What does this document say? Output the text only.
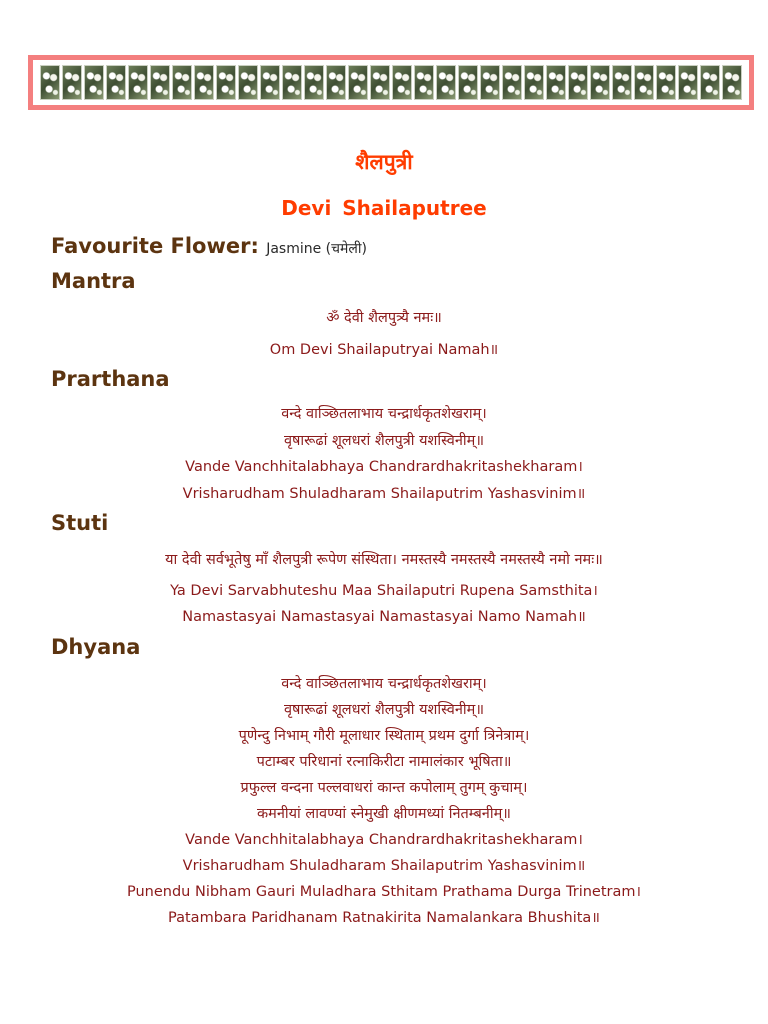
शैलपुत्री
Devi Shailaputree
Favourite Flower: Jasmine (चमेली)
Mantra
ॐ देवी शैलपुत्र्यै नमः॥
Om Devi Shailaputryai Namah॥
Prarthana
वन्दे वाञ्छितलाभाय चन्द्रार्धकृतशेखराम्।
वृषारूढां शूलधरां शैलपुत्री यशस्विनीम्॥
Vande Vanchhitalabhaya Chandrardhakritashekharam।
Vrisharudham Shuladharam Shailaputrim Yashasvinim॥
Stuti
या देवी सर्वभूतेषु माँ शैलपुत्री रूपेण संस्थिता। नमस्तस्यै नमस्तस्यै नमस्तस्यै नमो नमः॥
Ya Devi Sarvabhuteshu Maa Shailaputri Rupena Samsthita।
Namastasyai Namastasyai Namastasyai Namo Namah॥
Dhyana
वन्दे वाञ्छितलाभाय चन्द्रार्धकृतशेखराम्।
वृषारूढां शूलधरां शैलपुत्री यशस्विनीम्॥
पूणेन्दु निभाम् गौरी मूलाधार स्थिताम् प्रथम दुर्गा त्रिनेत्राम्।
पटाम्बर परिधानां रत्नाकिरीटा नामालंकार भूषिता॥
प्रफुल्ल वन्दना पल्लवाधरां कान्त कपोलाम् तुगम् कुचाम्।
कमनीयां लावण्यां स्नेमुखी क्षीणमध्यां नितम्बनीम्॥
Vande Vanchhitalabhaya Chandrardhakritashekharam।
Vrisharudham Shuladharam Shailaputrim Yashasvinim॥
Punendu Nibham Gauri Muladhara Sthitam Prathama Durga Trinetram।
Patambara Paridhanam Ratnakirita Namalankara Bhushita॥
